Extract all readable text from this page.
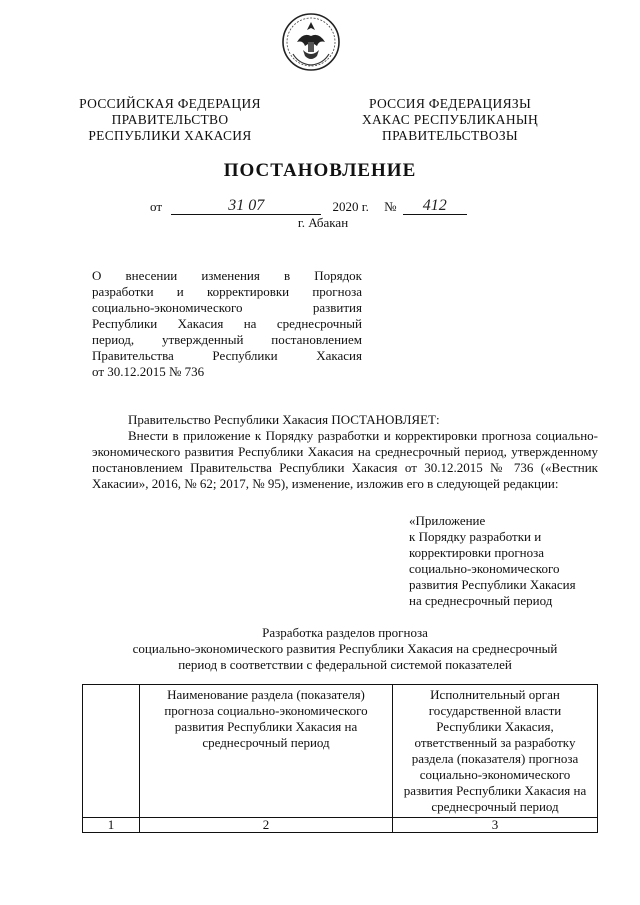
РОССИЙСКАЯ ФЕДЕРАЦИЯ
ПРАВИТЕЛЬСТВО
РЕСПУБЛИКИ ХАКАСИЯ
РОССИЯ ФЕДЕРАЦИЯЗЫ
ХАКАС РЕСПУБЛИКАНЫҢ
ПРАВИТЕЛЬСТВОЗЫ
ПОСТАНОВЛЕНИЕ
от	31 07	2020 г. № 412
г. Абакан

О внесении изменения в Порядок

разработки и корректировки прогноза

социально-экономического развития

Республики Хакасия на среднесрочный

период, утвержденный постановлением

Правительства Республики Хакасия

от 30.12.2015 № 736

Правительство Республики Хакасия ПОСТАНОВЛЯЕТ:

Внести в приложение к Порядку разработки и корректировки прогноза социально-экономического развития Республики Хакасия на среднесрочный период, утвержденному постановлением Правительства Республики Хакасия от 30.12.2015 № 736 («Вестник Хакасии», 2016, № 62; 2017, № 95), изменение, изложив его в следующей редакции:

«Приложение
к Порядку разработки и
корректировки прогноза
социально-экономического
развития Республики Хакасия
на среднесрочный период
Разработка разделов прогноза
социально-экономического развития Республики Хакасия на среднесрочный
период в соответствии с федеральной системой показателей
	Наименование раздела (показателя) прогноза социально-экономического развития Республики Хакасия на среднесрочный период	Исполнительный орган государственной власти Республики Хакасия, ответственный за разработку раздела (показателя) прогноза социально-экономического развития Республики Хакасия на среднесрочный период
1	2	3
